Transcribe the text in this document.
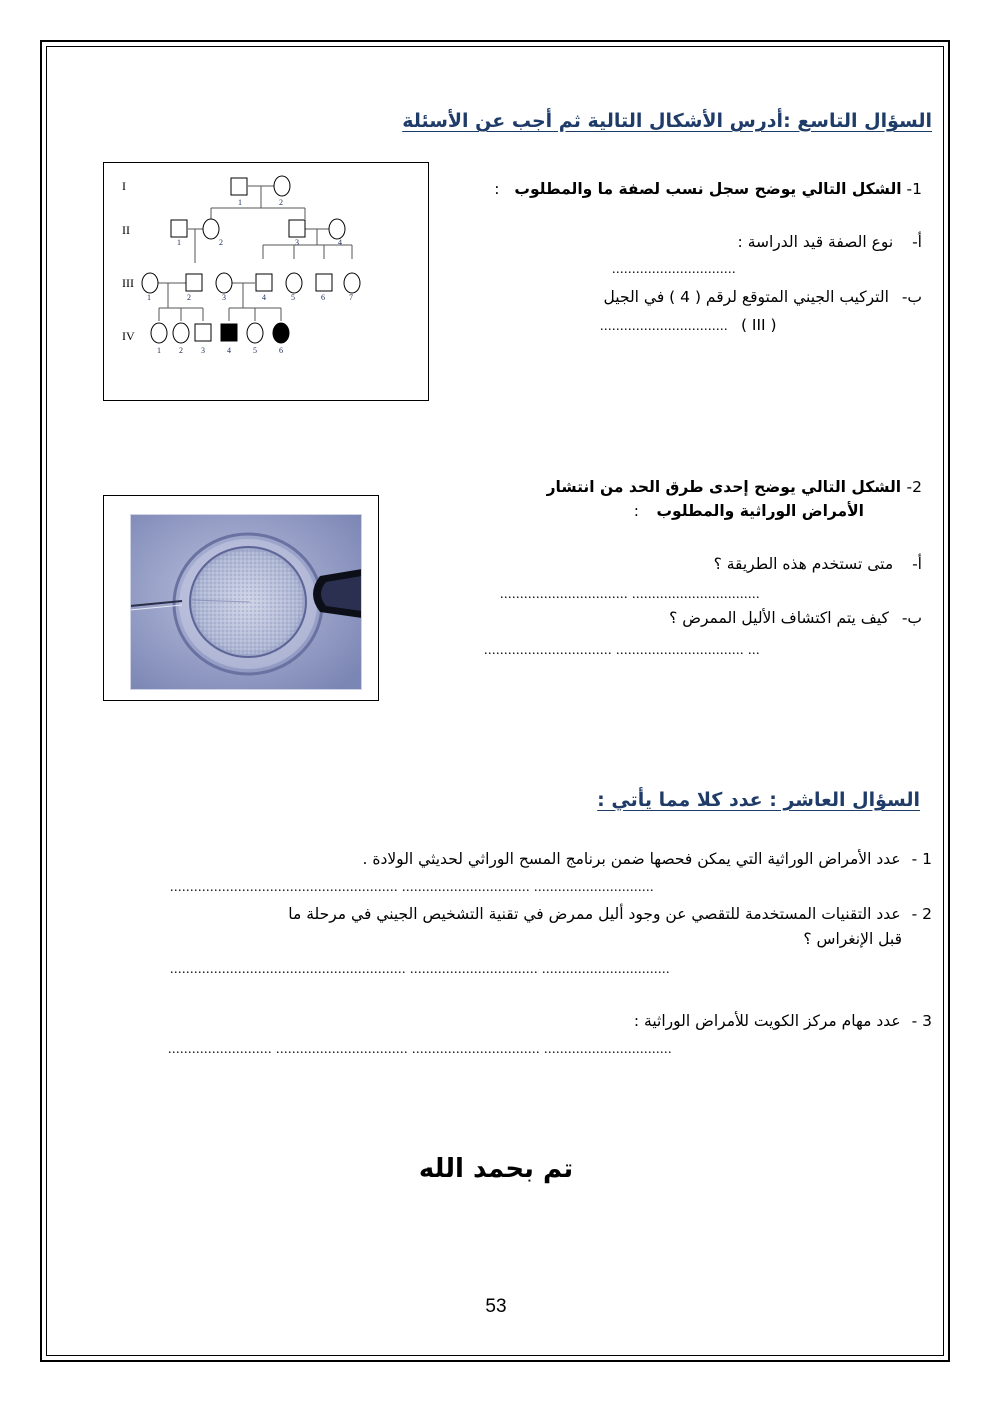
السؤال التاسع :أدرس الأشكال التالية ثم أجب عن الأسئلة
1- الشكل التالي يوضح سجل نسب لصفة ما والمطلوب :
أ- نوع الصفة قيد الدراسة :
...............................
ب- التركيب الجيني المتوقع لرقم ( 4 ) في الجيل
................................ ( III )
I
II
III
IV
1	2
1	2	3	4
1	2	3	4	5	6	7
1 2 3	4	5	6
2- الشكل التالي يوضح إحدى طرق الحد من انتشار
الأمراض الوراثية والمطلوب :
أ- متى تستخدم هذه الطريقة ؟
................................ ................................
ب- كيف يتم اكتشاف الأليل الممرض ؟
................................ ................................ ...
السؤال العاشر : عدد كلا مما يأتي :
1 - عدد الأمراض الوراثية التي يمكن فحصها ضمن برنامج المسح الوراثي لحديثي الولادة .
......................................................... ................................ ..............................
2 - عدد التقنيات المستخدمة للتقصي عن وجود أليل ممرض في تقنية التشخيص الجيني في مرحلة ما
قبل الإنغراس ؟
........................................................... ................................ ................................
3 - عدد مهام مركز الكويت للأمراض الوراثية :
.......................... ................................. ................................ ................................
تم بحمد الله
53
